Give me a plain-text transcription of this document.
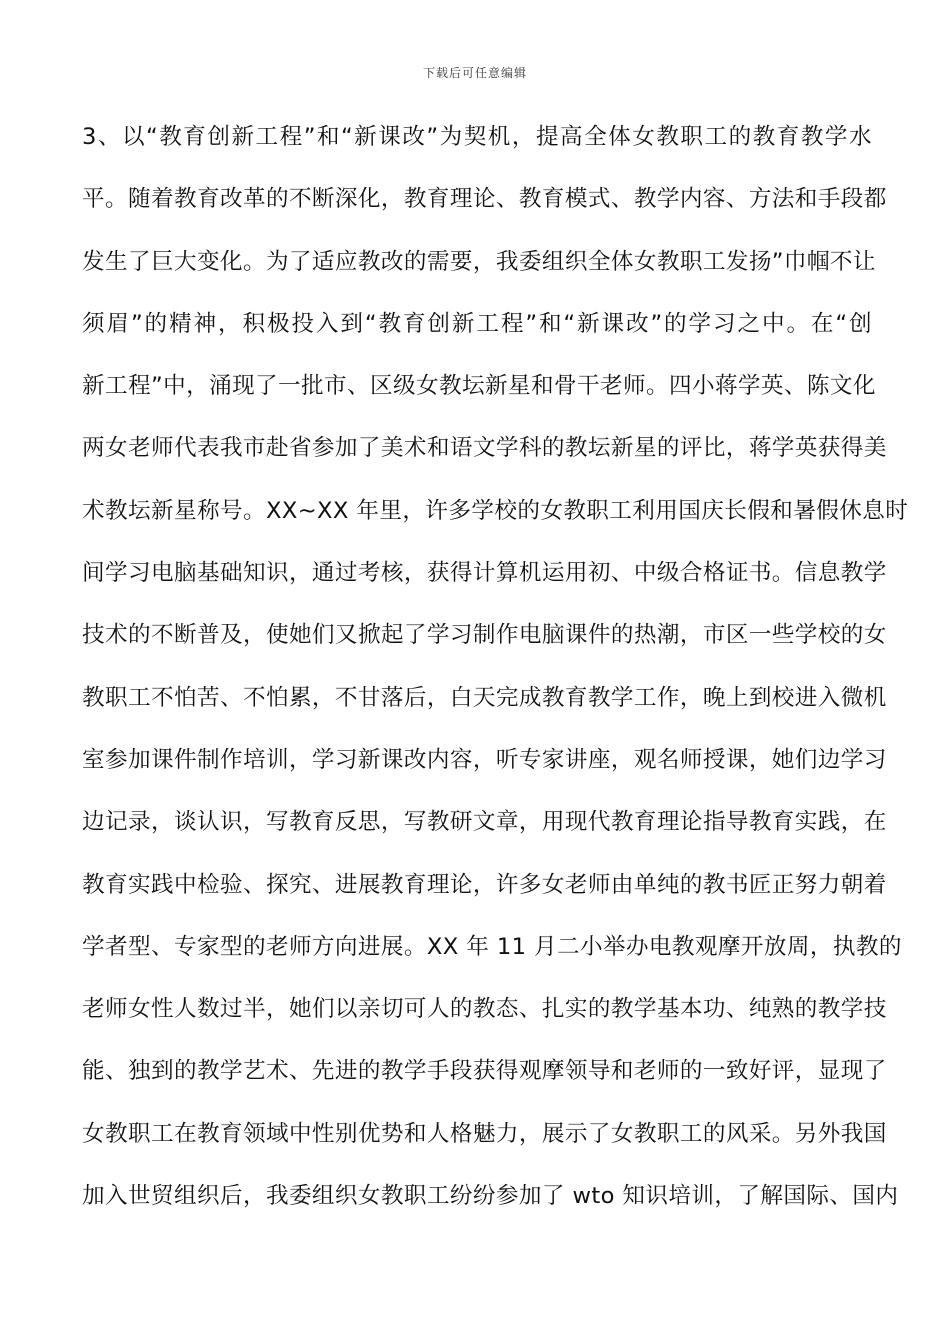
下载后可任意编辑
3、以“教育创新工程”和“新课改”为契机，提高全体女教职工的教育教学水
平。随着教育改革的不断深化，教育理论、教育模式、教学内容、方法和手段都
发生了巨大变化。为了适应教改的需要，我委组织全体女教职工发扬”巾帼不让
须眉”的精神，积极投入到“教育创新工程”和“新课改”的学习之中。在“创
新工程”中，涌现了一批市、区级女教坛新星和骨干老师。四小蒋学英、陈文化
两女老师代表我市赴省参加了美术和语文学科的教坛新星的评比，蒋学英获得美
术教坛新星称号。XX~XX 年里，许多学校的女教职工利用国庆长假和暑假休息时
间学习电脑基础知识，通过考核，获得计算机运用初、中级合格证书。信息教学
技术的不断普及，使她们又掀起了学习制作电脑课件的热潮，市区一些学校的女
教职工不怕苦、不怕累，不甘落后，白天完成教育教学工作，晚上到校进入微机
室参加课件制作培训，学习新课改内容，听专家讲座，观名师授课，她们边学习
边记录，谈认识，写教育反思，写教研文章，用现代教育理论指导教育实践，在
教育实践中检验、探究、进展教育理论，许多女老师由单纯的教书匠正努力朝着
学者型、专家型的老师方向进展。XX 年 11 月二小举办电教观摩开放周，执教的
老师女性人数过半，她们以亲切可人的教态、扎实的教学基本功、纯熟的教学技
能、独到的教学艺术、先进的教学手段获得观摩领导和老师的一致好评，显现了
女教职工在教育领域中性别优势和人格魅力，展示了女教职工的风采。另外我国
加入世贸组织后，我委组织女教职工纷纷参加了 wto 知识培训，了解国际、国内
